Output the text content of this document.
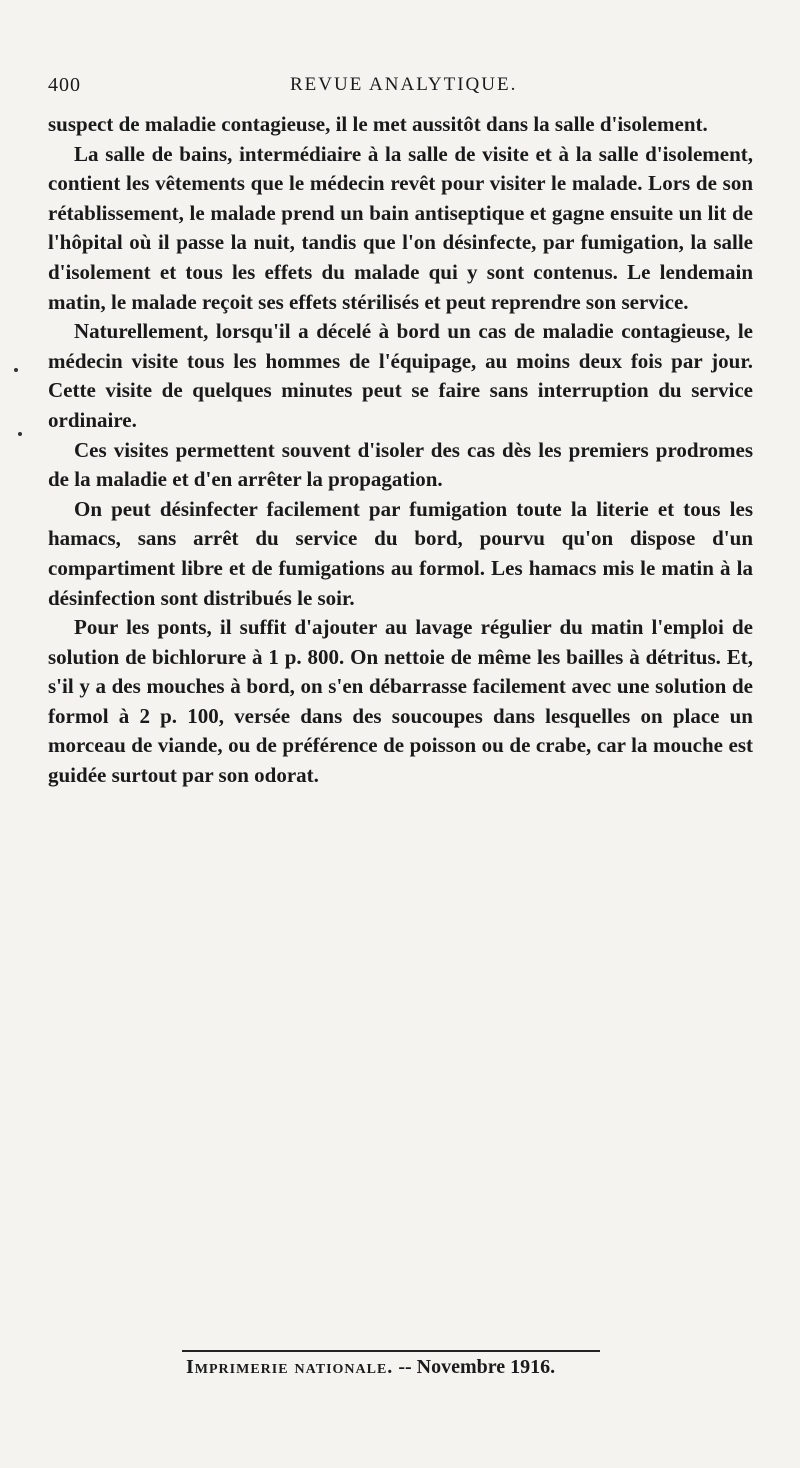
400	REVUE ANALYTIQUE.

suspect de maladie contagieuse, il le met aussitôt dans la salle d'isolement.

La salle de bains, intermédiaire à la salle de visite et à la salle d'isolement, contient les vêtements que le médecin revêt pour visiter le malade. Lors de son rétablissement, le malade prend un bain antiseptique et gagne ensuite un lit de l'hôpital où il passe la nuit, tandis que l'on désinfecte, par fumigation, la salle d'isolement et tous les effets du malade qui y sont contenus. Le lendemain matin, le malade reçoit ses effets stérilisés et peut reprendre son service.

Naturellement, lorsqu'il a décelé à bord un cas de maladie contagieuse, le médecin visite tous les hommes de l'équipage, au moins deux fois par jour. Cette visite de quelques minutes peut se faire sans interruption du service ordinaire.

Ces visites permettent souvent d'isoler des cas dès les premiers prodromes de la maladie et d'en arrêter la propagation.

On peut désinfecter facilement par fumigation toute la literie et tous les hamacs, sans arrêt du service du bord, pourvu qu'on dispose d'un compartiment libre et de fumigations au formol. Les hamacs mis le matin à la désinfection sont distribués le soir.

Pour les ponts, il suffit d'ajouter au lavage régulier du matin l'emploi de solution de bichlorure à 1 p. 800. On nettoie de même les bailles à détritus. Et, s'il y a des mouches à bord, on s'en débarrasse facilement avec une solution de formol à 2 p. 100, versée dans des soucoupes dans lesquelles on place un morceau de viande, ou de préférence de poisson ou de crabe, car la mouche est guidée surtout par son odorat.

Imprimerie nationale. -- Novembre 1916.
